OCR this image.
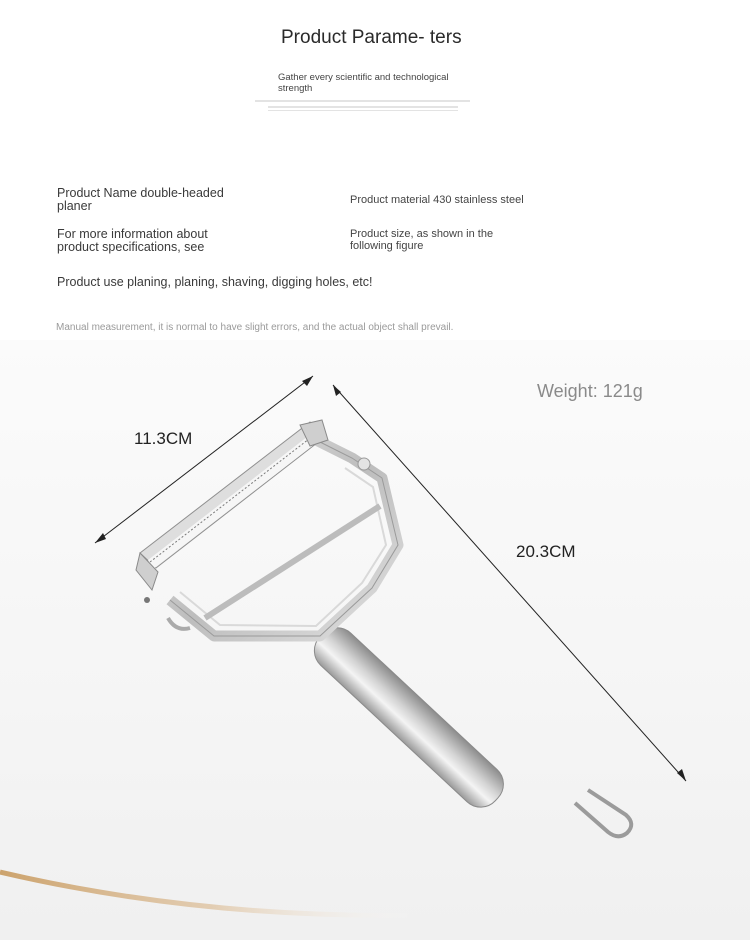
Product Parame- ters
Gather every scientific and technological strength
Product Name double-headed planer	Product material 430 stainless steel
For more information about product specifications, see
Product size, as shown in the following figure
Product use planing, planing, shaving, digging holes, etc!
Manual measurement, it is normal to have slight errors, and the actual object shall prevail.
Weight: 121g
11.3CM
20.3CM
